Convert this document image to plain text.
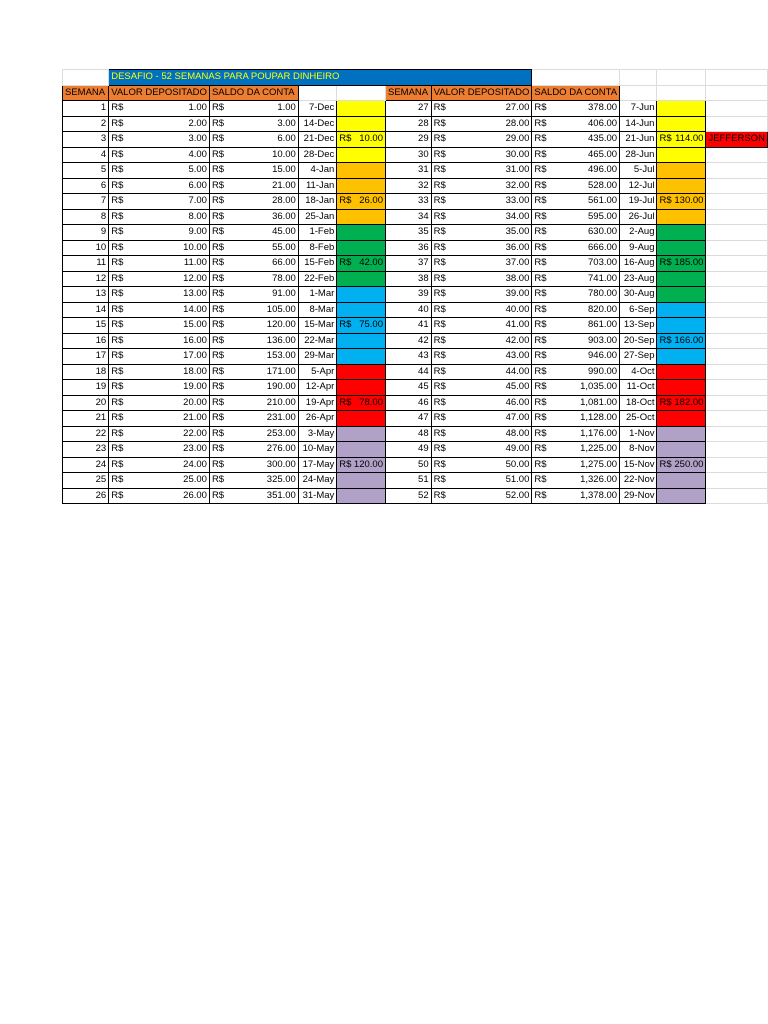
	DESAFIO - 52 SEMANAS PARA POUPAR DINHEIRO									
SEMANA	VALOR DEPOSITADO	SALDO DA CONTA			SEMANA	VALOR DEPOSITADO	SALDO DA CONTA			
1	R$ 1.00	R$ 1.00	7-Dec		27	R$ 27.00	R$ 378.00	7-Jun		
2	R$ 2.00	R$ 3.00	14-Dec		28	R$ 28.00	R$ 406.00	14-Jun		
3	R$ 3.00	R$ 6.00	21-Dec	R$ 10.00	29	R$ 29.00	R$ 435.00	21-Jun	R$ 114.00	JEFFERSON
4	R$ 4.00	R$ 10.00	28-Dec		30	R$ 30.00	R$ 465.00	28-Jun		
5	R$ 5.00	R$ 15.00	4-Jan		31	R$ 31.00	R$ 496.00	5-Jul		
6	R$ 6.00	R$ 21.00	11-Jan		32	R$ 32.00	R$ 528.00	12-Jul		
7	R$ 7.00	R$ 28.00	18-Jan	R$ 26.00	33	R$ 33.00	R$ 561.00	19-Jul	R$ 130.00	

8	R$ 8.00	R$ 36.00	25-Jan		34	R$ 34.00	R$ 595.00	26-Jul		
9	R$ 9.00	R$ 45.00	1-Feb		35	R$ 35.00	R$ 630.00	2-Aug		
10	R$ 10.00	R$ 55.00	8-Feb		36	R$ 36.00	R$ 666.00	9-Aug		
11	R$ 11.00	R$ 66.00	15-Feb	R$ 42.00	37	R$ 37.00	R$ 703.00	16-Aug	R$ 185.00	

12	R$ 12.00	R$ 78.00	22-Feb		38	R$ 38.00	R$ 741.00	23-Aug		
13	R$ 13.00	R$ 91.00	1-Mar		39	R$ 39.00	R$ 780.00	30-Aug		
14	R$ 14.00	R$ 105.00	8-Mar		40	R$ 40.00	R$ 820.00	6-Sep		
15	R$ 15.00	R$ 120.00	15-Mar	R$ 75.00	41	R$ 41.00	R$ 861.00	13-Sep		
16	R$ 16.00	R$ 136.00	22-Mar		42	R$ 42.00	R$ 903.00	20-Sep	R$ 166.00	

17	R$ 17.00	R$ 153.00	29-Mar		43	R$ 43.00	R$ 946.00	27-Sep		
18	R$ 18.00	R$ 171.00	5-Apr		44	R$ 44.00	R$ 990.00	4-Oct		
19	R$ 19.00	R$ 190.00	12-Apr		45	R$ 45.00	R$ 1,035.00	11-Oct		
20	R$ 20.00	R$ 210.00	19-Apr	R$ 78.00	46	R$ 46.00	R$ 1,081.00	18-Oct	R$ 182.00	

21	R$ 21.00	R$ 231.00	26-Apr		47	R$ 47.00	R$ 1,128.00	25-Oct		
22	R$ 22.00	R$ 253.00	3-May		48	R$ 48.00	R$ 1,176.00	1-Nov		
23	R$ 23.00	R$ 276.00	10-May		49	R$ 49.00	R$ 1,225.00	8-Nov		
24	R$ 24.00	R$ 300.00	17-May	R$ 120.00	50	R$ 50.00	R$ 1,275.00	15-Nov	R$ 250.00	

25	R$ 25.00	R$ 325.00	24-May		51	R$ 51.00	R$ 1,326.00	22-Nov		
26	R$ 26.00	R$ 351.00	31-May		52	R$ 52.00	R$ 1,378.00	29-Nov		
